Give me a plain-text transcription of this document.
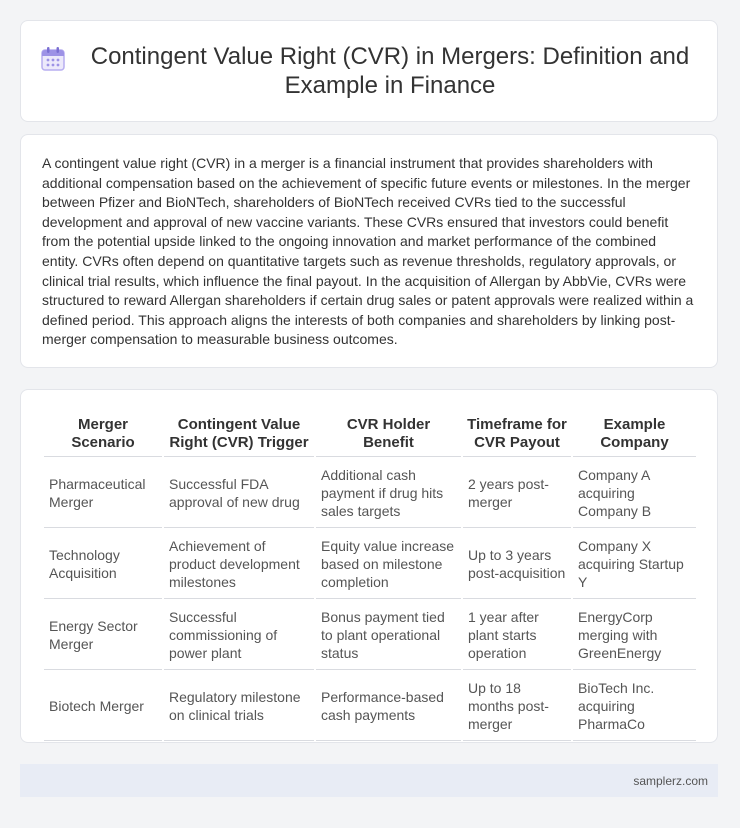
Contingent Value Right (CVR) in Mergers: Definition and Example in Finance

A contingent value right (CVR) in a merger is a financial instrument that provides shareholders with additional compensation based on the achievement of specific future events or milestones. In the merger between Pfizer and BioNTech, shareholders of BioNTech received CVRs tied to the successful development and approval of new vaccine variants. These CVRs ensured that investors could benefit from the potential upside linked to the ongoing innovation and market performance of the combined entity. CVRs often depend on quantitative targets such as revenue thresholds, regulatory approvals, or clinical trial results, which influence the final payout. In the acquisition of Allergan by AbbVie, CVRs were structured to reward Allergan shareholders if certain drug sales or patent approvals were realized within a defined period. This approach aligns the interests of both companies and shareholders by linking post-merger compensation to measurable business outcomes.

Merger Scenario	Contingent Value Right (CVR) Trigger	CVR Holder Benefit	Timeframe for CVR Payout	Example Company
Pharmaceutical Merger	Successful FDA approval of new drug	Additional cash payment if drug hits sales targets	2 years post-merger	Company A acquiring Company B
Technology Acquisition	Achievement of product development milestones	Equity value increase based on milestone completion	Up to 3 years post-acquisition	Company X acquiring Startup Y
Energy Sector Merger	Successful commissioning of power plant	Bonus payment tied to plant operational status	1 year after plant starts operation	EnergyCorp merging with GreenEnergy
Biotech Merger	Regulatory milestone on clinical trials	Performance-based cash payments	Up to 18 months post-merger	BioTech Inc. acquiring PharmaCo
samplerz.com
